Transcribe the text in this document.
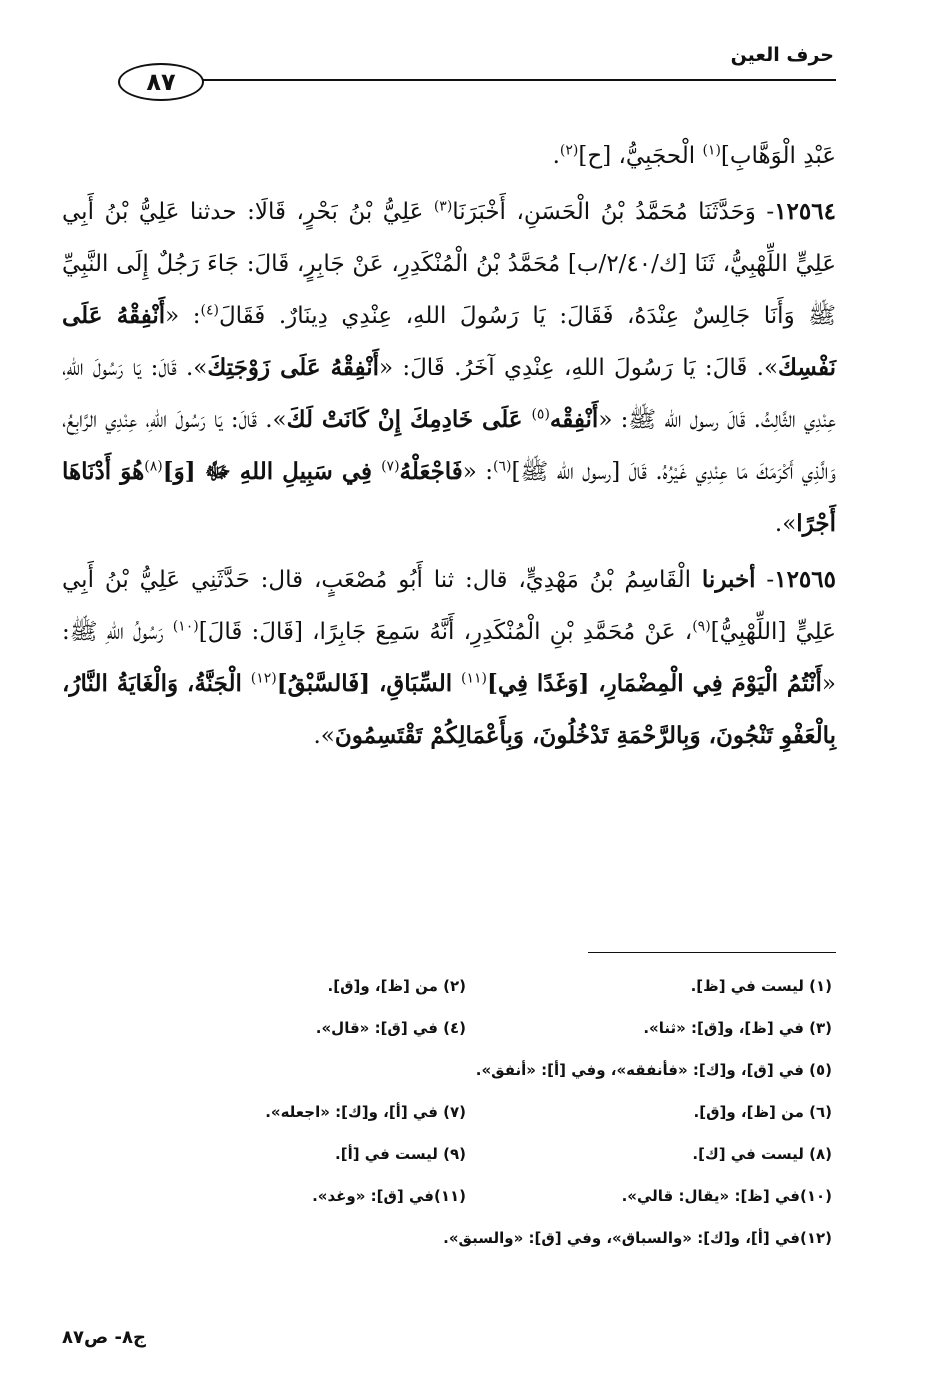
حرف العين
٨٧

عَبْدِ الْوَهَّابِ]$^{(١)}$ الْحجَبِيُّ، [ح]$^{(٢)}$.

١٢٥٦٤- وَحَدَّثَنَا مُحَمَّدُ بْنُ الْحَسَنِ، أَخْبَرَنَا$^{(٣)}$ عَلِيُّ بْنُ بَحْرٍ، قَالَا: حدثنا عَلِيُّ بْنُ أَبِي عَلِيٍّ اللِّهْبِيُّ، ثَنَا [ك/٢/٤٠/ب] مُحَمَّدُ بْنُ الْمُنْكَدِرِ، عَنْ جَابِرٍ، قَالَ: جَاءَ رَجُلٌ إِلَى النَّبِيِّ ﷺ وَأَنَا جَالِسٌ عِنْدَهُ، فَقَالَ: يَا رَسُولَ اللهِ، عِنْدِي دِينَارٌ. فَقَالَ$^{(٤)}$: «أَنْفِقْهُ عَلَى نَفْسِكَ». قَالَ: يَا رَسُولَ اللهِ، عِنْدِي آخَرُ. قَالَ: «أَنْفِقْهُ عَلَى زَوْجَتِكَ». قَالَ: يَا رَسُولَ اللهِ، عِنْدِي الثَّالِثُ. قَالَ رسول الله ﷺ: «أَنْفِقْه$^{(٥)}$ عَلَى خَادِمِكَ إِنْ كَانَتْ لَكَ». قَالَ: يَا رَسُولَ اللهِ، عِنْدِي الرَّابِعُ، وَالَّذِي أَكْرَمَكَ مَا عِنْدِي غَيْرُهُ. قَالَ [رسول الله ﷺ]$^{(٦)}$: «فَاجْعَلْهُ$^{(٧)}$ فِي سَبِيلِ اللهِ ﷻ [وَ]$^{(٨)}$هُوَ أَدْنَاهَا أَجْرًا».

١٢٥٦٥- أخبرنا الْقَاسِمُ بْنُ مَهْدِيٍّ، قال: ثنا أَبُو مُصْعَبٍ، قال: حَدَّثَنِي عَلِيُّ بْنُ أَبِي عَلِيٍّ [اللِّهْبِيُّ]$^{(٩)}$، عَنْ مُحَمَّدِ بْنِ الْمُنْكَدِرِ، أَنَّهُ سَمِعَ جَابِرًا، [قَالَ: قَالَ]$^{(١٠)}$ رَسُولُ اللهِ ﷺ: «أَنْتُمُ الْيَوْمَ فِي الْمِضْمَارِ، [وَغَدًا فِي]$^{(١١)}$ السِّبَاقِ، [فَالسَّبْقُ]$^{(١٢)}$ الْجَنَّةُ، وَالْغَايَةُ النَّارُ، بِالْعَفْوِ تَنْجُونَ، وَبِالرَّحْمَةِ تَدْخُلُونَ، وَبِأَعْمَالِكُمْ تَقْتَسِمُونَ».

(١) ليست في [ظ].
(٢) من [ظ]، و[ق].
(٣) في [ظ]، و[ق]: «ثنا».
(٤) في [ق]: «قال».
(٥) في [ق]، و[ك]: «فأنفقه»، وفي [أ]: «أنفق».
(٦) من [ظ]، و[ق].
(٧) في [أ]، و[ك]: «اجعله».
(٨) ليست في [ك].
(٩) ليست في [أ].
(١٠)في [ظ]: «يقال: قالي».
(١١)في [ق]: «وغد».
(١٢)في [أ]، و[ك]: «والسباق»، وفي [ق]: «والسبق».
ج٨- ص٨٧
